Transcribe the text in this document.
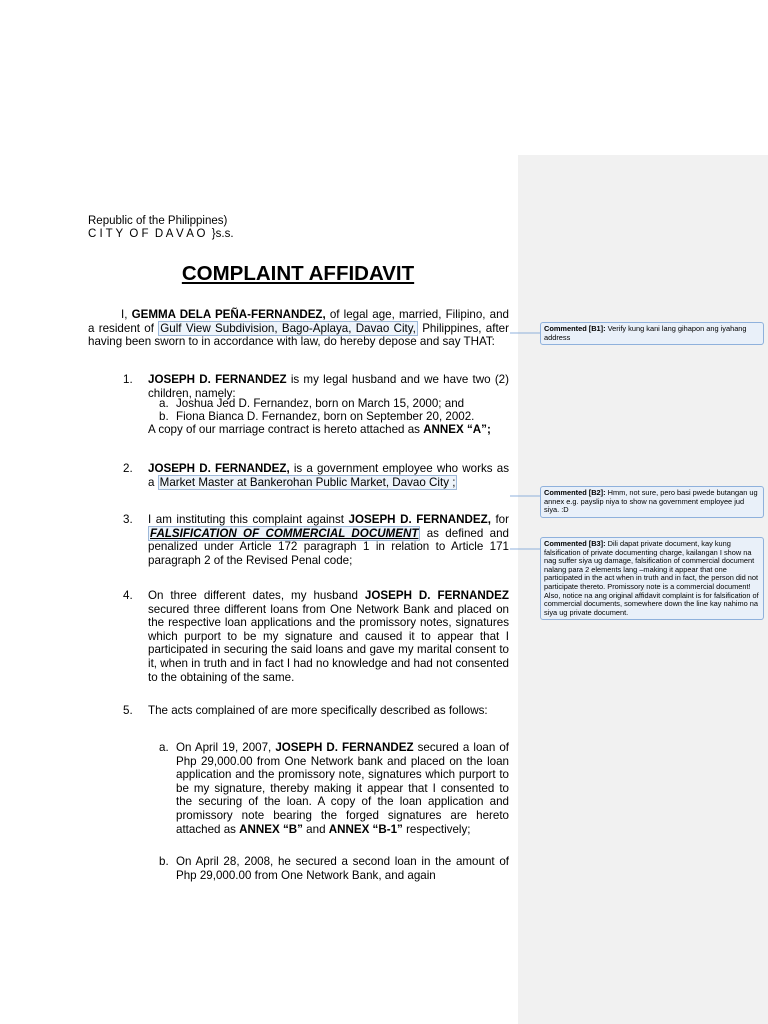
Republic of the Philippines)
C I T Y  O F  D A V A O  }s.s.
COMPLAINT AFFIDAVIT
I, GEMMA DELA PEÑA-FERNANDEZ, of legal age, married, Filipino, and a resident of Gulf View Subdivision, Bago-Aplaya, Davao City, Philippines, after having been sworn to in accordance with law, do hereby depose and say THAT:
1. JOSEPH D. FERNANDEZ is my legal husband and we have two (2) children, namely:
a. Joshua Jed D. Fernandez, born on March 15, 2000; and
b. Fiona Bianca D. Fernandez, born on September 20, 2002.
A copy of our marriage contract is hereto attached as ANNEX “A”;
2. JOSEPH D. FERNANDEZ, is a government employee who works as a Market Master at Bankerohan Public Market, Davao City ;
3. I am instituting this complaint against JOSEPH D. FERNANDEZ, for FALSIFICATION OF COMMERCIAL DOCUMENT as defined and penalized under Article 172 paragraph 1 in relation to Article 171 paragraph 2 of the Revised Penal code;
4. On three different dates, my husband JOSEPH D. FERNANDEZ secured three different loans from One Network Bank and placed on the respective loan applications and the promissory notes, signatures which purport to be my signature and caused it to appear that I participated in securing the said loans and gave my marital consent to it, when in truth and in fact I had no knowledge and had not consented to the obtaining of the same.
5. The acts complained of are more specifically described as follows:
a. On April 19, 2007, JOSEPH D. FERNANDEZ secured a loan of Php 29,000.00 from One Network bank and placed on the loan application and the promissory note, signatures which purport to be my signature, thereby making it appear that I consented to the securing of the loan. A copy of the loan application and promissory note bearing the forged signatures are hereto attached as ANNEX “B” and ANNEX “B-1” respectively;
b. On April 28, 2008, he secured a second loan in the amount of Php 29,000.00 from One Network Bank, and again
Commented [B1]: Verify kung kani lang gihapon ang iyahang address
Commented [B2]: Hmm, not sure, pero basi pwede butangan ug annex e.g. payslip niya to show na government employee jud siya. :D
Commented [B3]: Dili dapat private document, kay kung falsification of private documenting charge, kailangan I show na nag suffer siya ug damage, falsification of commercial document nalang para 2 elements lang –making it appear that one participated in the act when in truth and in fact, the person did not participate thereto. Promissory note is a commercial document!
Also, notice na ang original affidavit complaint is for falsification of commercial documents, somewhere down the line kay nahimo na siya ug private document.
